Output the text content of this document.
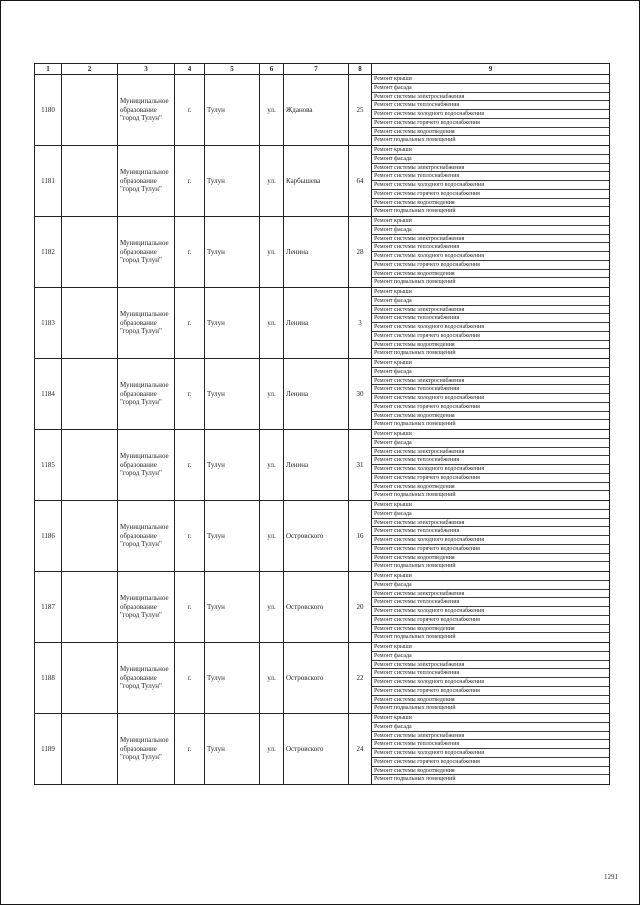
1	2	3	4	5	6	7	8	9
1180		Муниципальное образование "город Тулун"	г.	Тулун	ул.	Жданова	25	
Ремонт крыши
Ремонт фасада
Ремонт системы электроснабжения
Ремонт системы теплоснабжения
Ремонт системы холодного водоснабжения
Ремонт системы горячего водоснабжения
Ремонт системы водоотведения
Ремонт подвальных помещений

1181		Муниципальное образование "город Тулун"	г.	Тулун	ул.	Карбышева	64	
Ремонт крыши
Ремонт фасада
Ремонт системы электроснабжения
Ремонт системы теплоснабжения
Ремонт системы холодного водоснабжения
Ремонт системы горячего водоснабжения
Ремонт системы водоотведения
Ремонт подвальных помещений

1182		Муниципальное образование "город Тулун"	г.	Тулун	ул.	Ленина	28	
Ремонт крыши
Ремонт фасада
Ремонт системы электроснабжения
Ремонт системы теплоснабжения
Ремонт системы холодного водоснабжения
Ремонт системы горячего водоснабжения
Ремонт системы водоотведения
Ремонт подвальных помещений

1183		Муниципальное образование "город Тулун"	г.	Тулун	ул.	Ленина	3	
Ремонт крыши
Ремонт фасада
Ремонт системы электроснабжения
Ремонт системы теплоснабжения
Ремонт системы холодного водоснабжения
Ремонт системы горячего водоснабжения
Ремонт системы водоотведения
Ремонт подвальных помещений

1184		Муниципальное образование "город Тулун"	г.	Тулун	ул.	Ленина	30	
Ремонт крыши
Ремонт фасада
Ремонт системы электроснабжения
Ремонт системы теплоснабжения
Ремонт системы холодного водоснабжения
Ремонт системы горячего водоснабжения
Ремонт системы водоотведения
Ремонт подвальных помещений

1185		Муниципальное образование "город Тулун"	г.	Тулун	ул.	Ленина	31	
Ремонт крыши
Ремонт фасада
Ремонт системы электроснабжения
Ремонт системы теплоснабжения
Ремонт системы холодного водоснабжения
Ремонт системы горячего водоснабжения
Ремонт системы водоотведения
Ремонт подвальных помещений

1186		Муниципальное образование "город Тулун"	г.	Тулун	ул.	Островского	16	
Ремонт крыши
Ремонт фасада
Ремонт системы электроснабжения
Ремонт системы теплоснабжения
Ремонт системы холодного водоснабжения
Ремонт системы горячего водоснабжения
Ремонт системы водоотведения
Ремонт подвальных помещений

1187		Муниципальное образование "город Тулун"	г.	Тулун	ул.	Островского	20	
Ремонт крыши
Ремонт фасада
Ремонт системы электроснабжения
Ремонт системы теплоснабжения
Ремонт системы холодного водоснабжения
Ремонт системы горячего водоснабжения
Ремонт системы водоотведения
Ремонт подвальных помещений

1188		Муниципальное образование "город Тулун"	г.	Тулун	ул.	Островского	22	
Ремонт крыши
Ремонт фасада
Ремонт системы электроснабжения
Ремонт системы теплоснабжения
Ремонт системы холодного водоснабжения
Ремонт системы горячего водоснабжения
Ремонт системы водоотведения
Ремонт подвальных помещений

1189		Муниципальное образование "город Тулун"	г.	Тулун	ул.	Островского	24	
Ремонт крыши
Ремонт фасада
Ремонт системы электроснабжения
Ремонт системы теплоснабжения
Ремонт системы холодного водоснабжения
Ремонт системы горячего водоснабжения
Ремонт системы водоотведения
Ремонт подвальных помещений
1291
